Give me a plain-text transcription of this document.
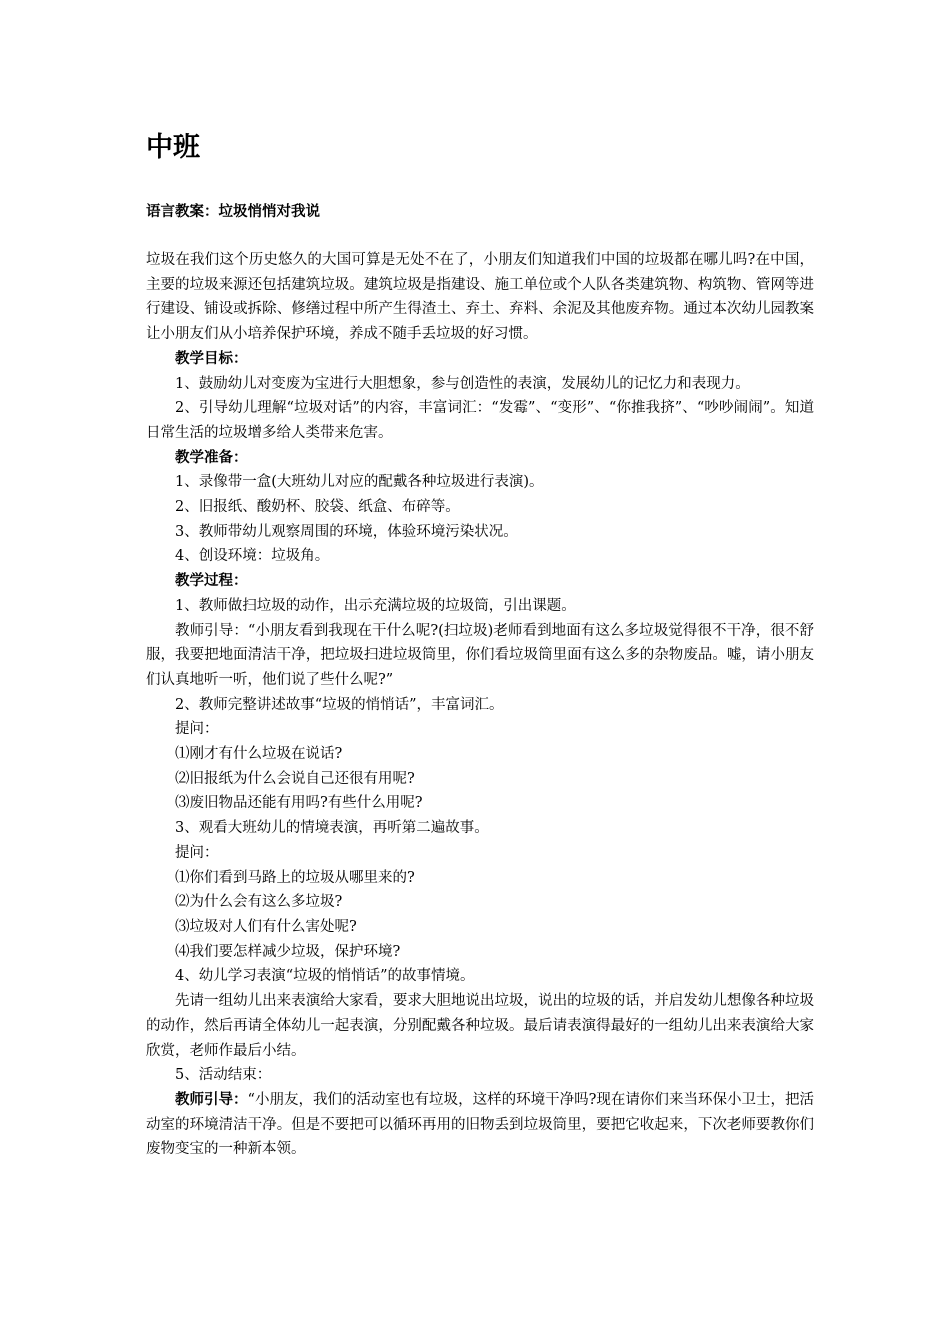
中班
语言教案：垃圾悄悄对我说

垃圾在我们这个历史悠久的大国可算是无处不在了，小朋友们知道我们中国的垃圾都在哪儿吗?在中国，主要的垃圾来源还包括建筑垃圾。建筑垃圾是指建设、施工单位或个人队各类建筑物、构筑物、管网等进行建设、铺设或拆除、修缮过程中所产生得渣土、弃土、弃料、余泥及其他废弃物。通过本次幼儿园教案让小朋友们从小培养保护环境，养成不随手丢垃圾的好习惯。

教学目标：

1、鼓励幼儿对变废为宝进行大胆想象，参与创造性的表演，发展幼儿的记忆力和表现力。

2、引导幼儿理解“垃圾对话”的内容，丰富词汇：“发霉”、“变形”、“你推我挤”、“吵吵闹闹”。知道日常生活的垃圾增多给人类带来危害。

教学准备：

1、录像带一盒(大班幼儿对应的配戴各种垃圾进行表演)。

2、旧报纸、酸奶杯、胶袋、纸盒、布碎等。

3、教师带幼儿观察周围的环境，体验环境污染状况。

4、创设环境：垃圾角。

教学过程：

1、教师做扫垃圾的动作，出示充满垃圾的垃圾筒，引出课题。

教师引导：“小朋友看到我现在干什么呢?(扫垃圾)老师看到地面有这么多垃圾觉得很不干净，很不舒服，我要把地面清洁干净，把垃圾扫进垃圾筒里，你们看垃圾筒里面有这么多的杂物废品。嘘，请小朋友们认真地听一听，他们说了些什么呢?”

2、教师完整讲述故事“垃圾的悄悄话”，丰富词汇。

提问：

⑴刚才有什么垃圾在说话?

⑵旧报纸为什么会说自己还很有用呢?

⑶废旧物品还能有用吗?有些什么用呢?

3、观看大班幼儿的情境表演，再听第二遍故事。

提问：

⑴你们看到马路上的垃圾从哪里来的?

⑵为什么会有这么多垃圾?

⑶垃圾对人们有什么害处呢?

⑷我们要怎样减少垃圾，保护环境?

4、幼儿学习表演“垃圾的悄悄话”的故事情境。

先请一组幼儿出来表演给大家看，要求大胆地说出垃圾，说出的垃圾的话，并启发幼儿想像各种垃圾的动作，然后再请全体幼儿一起表演，分别配戴各种垃圾。最后请表演得最好的一组幼儿出来表演给大家欣赏，老师作最后小结。

5、活动结束：

教师引导：“小朋友，我们的活动室也有垃圾，这样的环境干净吗?现在请你们来当环保小卫士，把活动室的环境清洁干净。但是不要把可以循环再用的旧物丢到垃圾筒里，要把它收起来，下次老师要教你们废物变宝的一种新本领。
